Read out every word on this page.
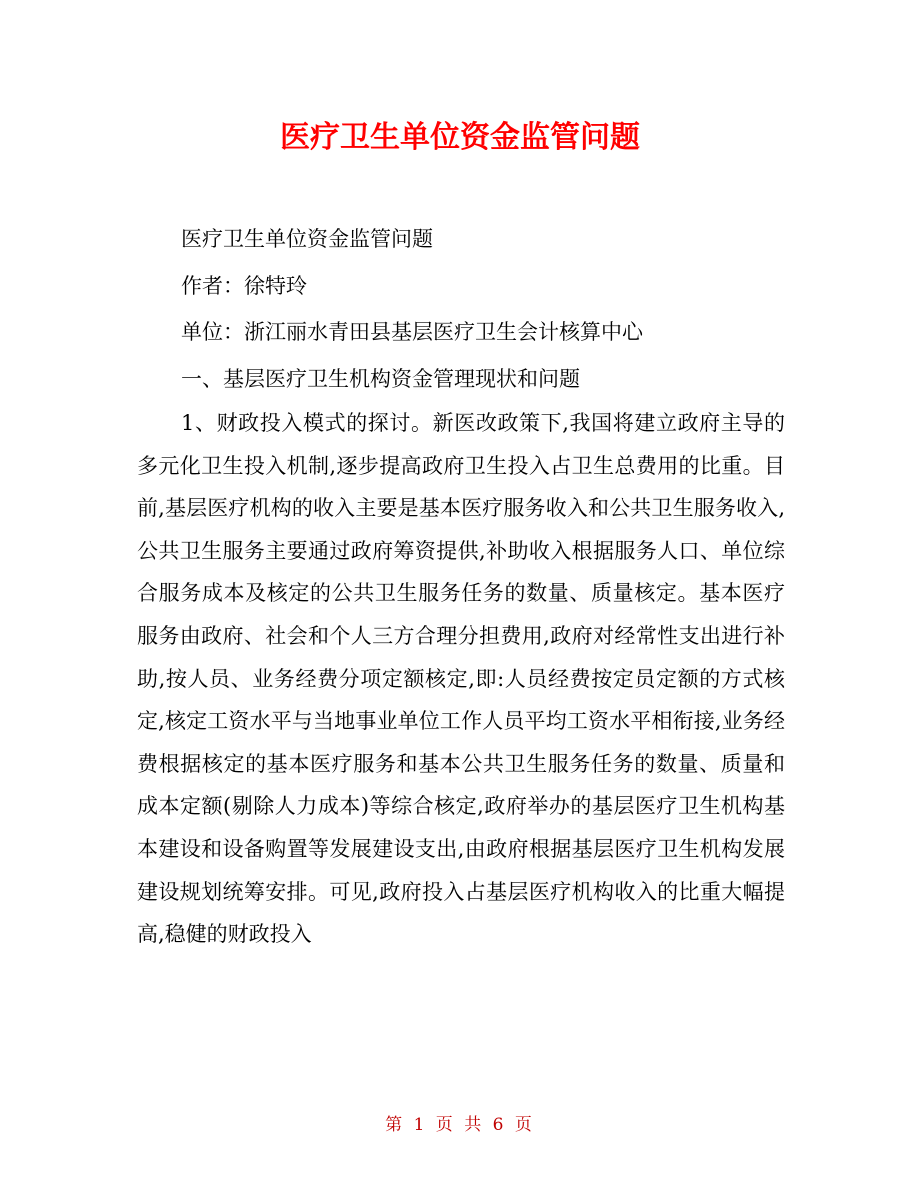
医疗卫生单位资金监管问题

医疗卫生单位资金监管问题

作者：徐特玲

单位：浙江丽水青田县基层医疗卫生会计核算中心

一、基层医疗卫生机构资金管理现状和问题

1、财政投入模式的探讨。新医改政策下,我国将建立政府主导的多元化卫生投入机制,逐步提高政府卫生投入占卫生总费用的比重。目前,基层医疗机构的收入主要是基本医疗服务收入和公共卫生服务收入,公共卫生服务主要通过政府筹资提供,补助收入根据服务人口、单位综合服务成本及核定的公共卫生服务任务的数量、质量核定。基本医疗服务由政府、社会和个人三方合理分担费用,政府对经常性支出进行补助,按人员、业务经费分项定额核定,即:人员经费按定员定额的方式核定,核定工资水平与当地事业单位工作人员平均工资水平相衔接,业务经费根据核定的基本医疗服务和基本公共卫生服务任务的数量、质量和成本定额(剔除人力成本)等综合核定,政府举办的基层医疗卫生机构基本建设和设备购置等发展建设支出,由政府根据基层医疗卫生机构发展建设规划统筹安排。可见,政府投入占基层医疗机构收入的比重大幅提高,稳健的财政投入

第 1 页 共 6 页
